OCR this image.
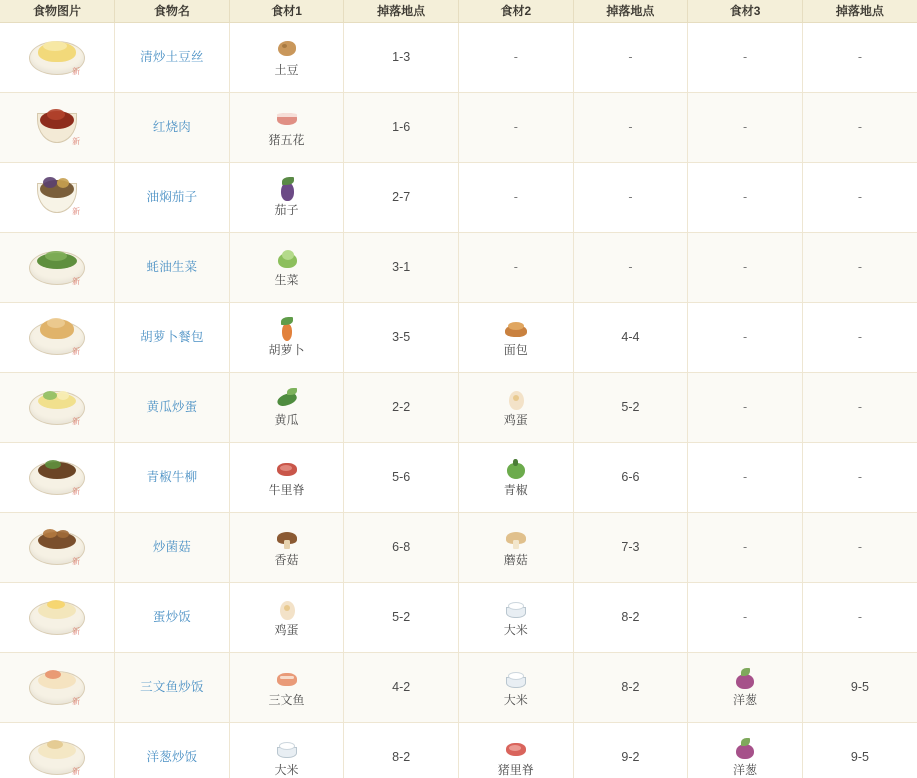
食物图片	食物名	食材1	掉落地点	食材2	掉落地点	食材3	掉落地点

新	清炒土豆丝	土豆	1-3	-	-	-	-

新	红烧肉	猪五花	1-6	-	-	-	-

新	油焖茄子	茄子	2-7	-	-	-	-

新	蚝油生菜	生菜	3-1	-	-	-	-

新	胡萝卜餐包	胡萝卜	3-5	面包	4-4	-	-

新	黄瓜炒蛋	黄瓜	2-2	鸡蛋	5-2	-	-

新	青椒牛柳	牛里脊	5-6	青椒	6-6	-	-

新	炒菌菇	香菇	6-8	蘑菇	7-3	-	-

新	蛋炒饭	鸡蛋	5-2	大米	8-2	-	-

新	三文鱼炒饭	三文鱼	4-2	大米	8-2	洋葱	9-5

新	洋葱炒饭	大米	8-2	猪里脊	9-2	洋葱	9-5
